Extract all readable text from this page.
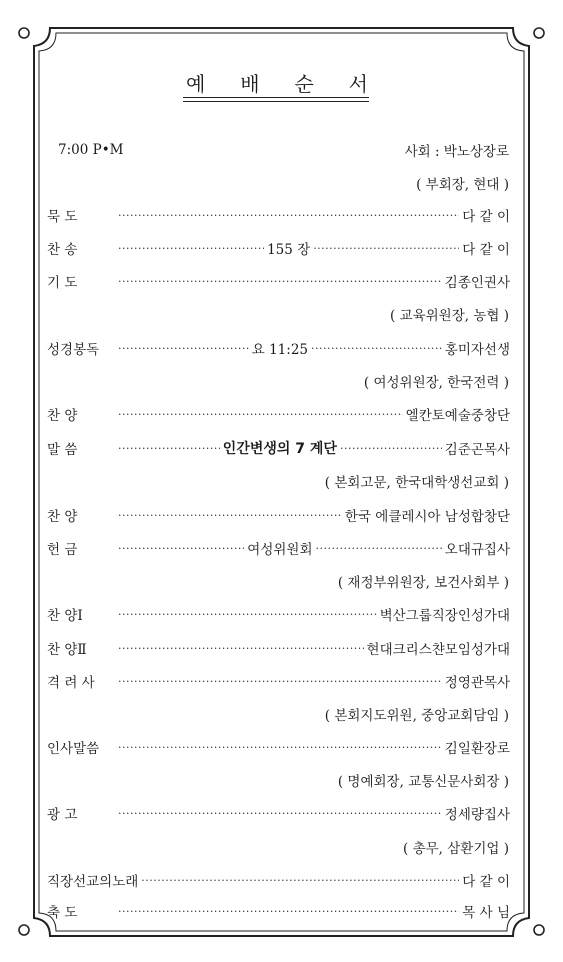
예 배 순 서
7:00 P•M	사회 : 박노상장로
( 부회장, 현대 )
묵 도 ·····	다 같 이
찬 송 ·····	155 장 ·····	다 같 이
기 도 ·····	김종인권사
( 교육위원장, 농협 )
성경봉독 ·····	요 11:25 ·····	홍미자선생
( 여성위원장, 한국전력 )
찬 양 ·····	엘칸토예술중창단
말 씀 ·····	인간변생의 7 계단 ·····	김준곤목사
( 본회고문, 한국대학생선교회 )
찬 양 ·····	한국 에클레시아 남성합창단
헌 금 ·····	여성위원회 ·····	오대규집사
( 재정부위원장, 보건사회부 )
찬 양Ⅰ ·····	벽산그룹직장인성가대
찬 양Ⅱ ·····	현대크리스챤모임성가대
격 려 사 ·····	정영관목사
( 본회지도위원, 중앙교회담임 )
인사말씀 ·····	김일환장로
( 명예회장, 교통신문사회장 )
광 고 ·····	정세량집사
( 총무, 삼환기업 )
직장선교의노래 ·····	다 같 이
축 도 ·····	목 사 님
